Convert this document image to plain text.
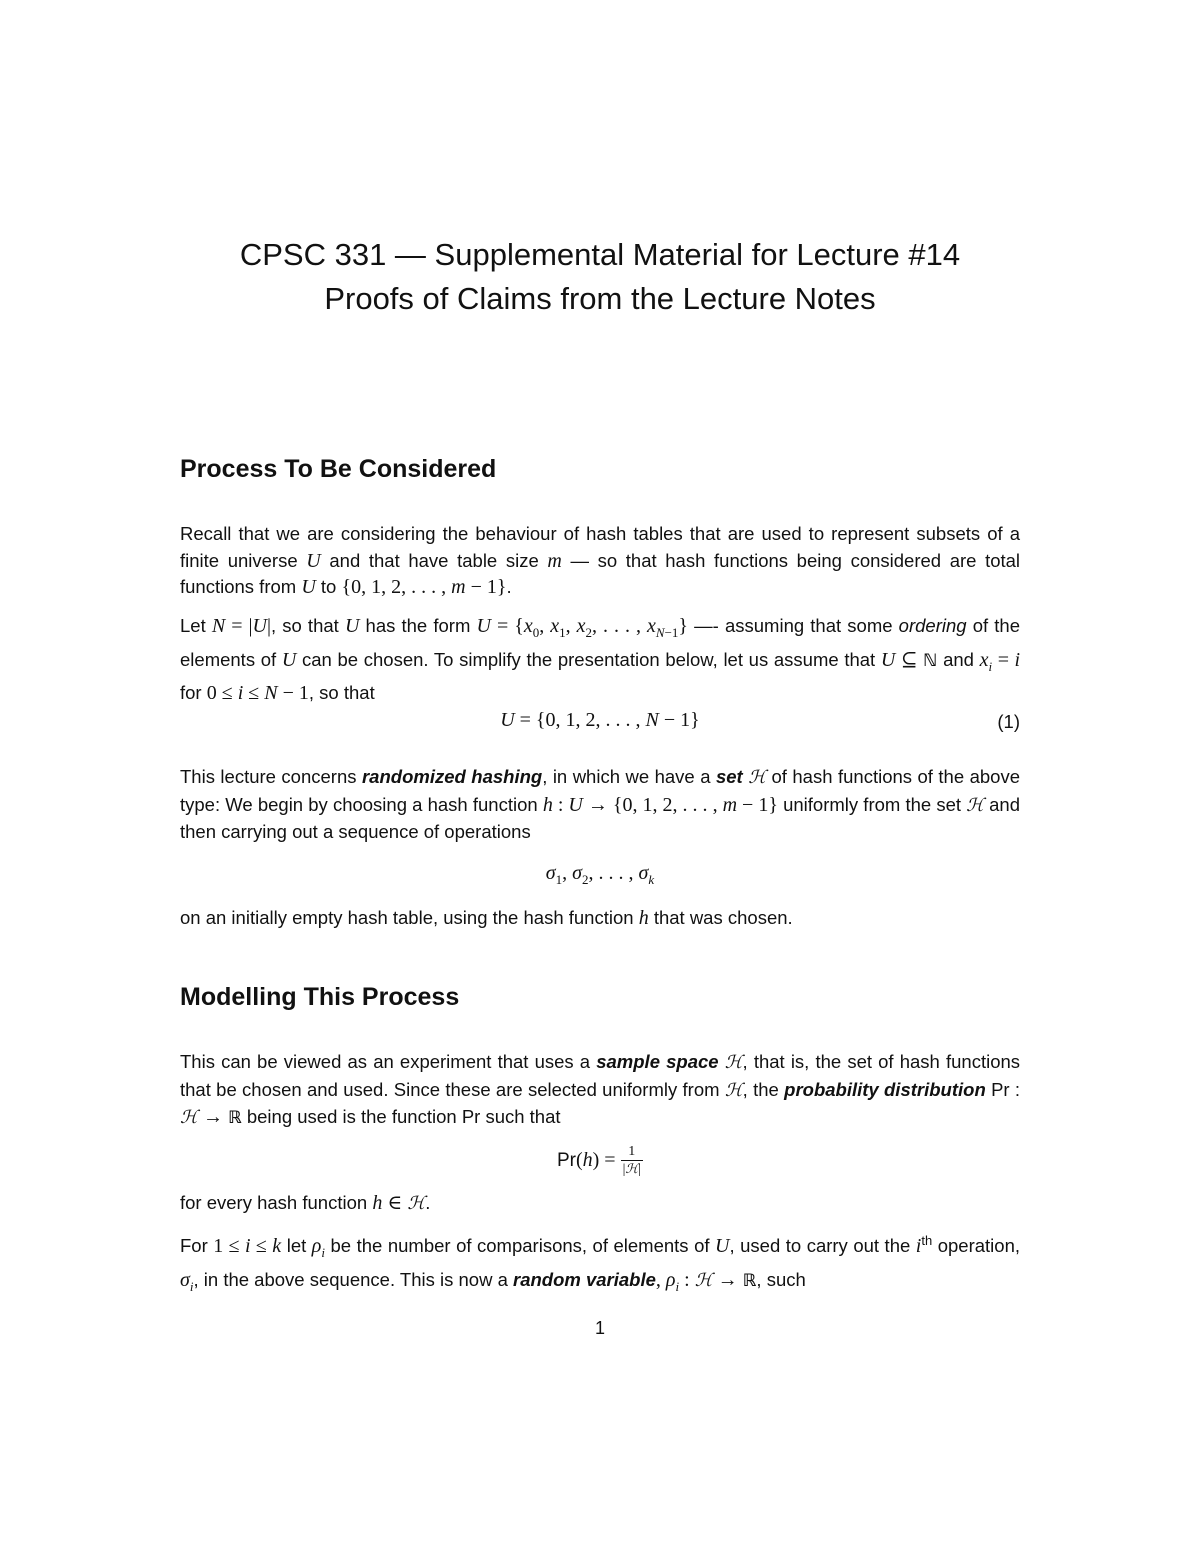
CPSC 331 — Supplemental Material for Lecture #14
Proofs of Claims from the Lecture Notes
Process To Be Considered
Recall that we are considering the behaviour of hash tables that are used to represent subsets of a finite universe U and that have table size m — so that hash functions being considered are total functions from U to {0, 1, 2, . . . , m − 1}.
Let N = |U|, so that U has the form $U = \{x_0$, $x_1$, $x_2$, . . . , $x_{N-1}$} —- assuming that some ordering of the elements of U can be chosen. To simplify the presentation below, let us assume that U ⊆ ℕ and $x_i = i$ for 0 ≤ i ≤ N − 1, so that
U = {0, 1, 2, . . . , N − 1}	(1)
This lecture concerns randomized hashing, in which we have a set ℋ of hash functions of the above type: We begin by choosing a hash function h : U → {0, 1, 2, . . . , m − 1} uniformly from the set ℋ and then carrying out a sequence of operations
$\sigma_1$, $\sigma_2$, . . . , $\sigma_k$
on an initially empty hash table, using the hash function h that was chosen.
Modelling This Process
This can be viewed as an experiment that uses a sample space ℋ, that is, the set of hash functions that be chosen and used. Since these are selected uniformly from ℋ, the probability distribution Pr : ℋ → ℝ being used is the function Pr such that
$Pr(h) = \frac{1}{\text{|ℋ|}}$
for every hash function h ∈ ℋ.
For 1 ≤ i ≤ k let $\rho_i$ be the number of comparisons, of elements of U, used to carry out the $i^{th}$ operation, $\sigma_i$, in the above sequence. This is now a random variable, $\rho_i$ : ℋ → ℝ, such
1
